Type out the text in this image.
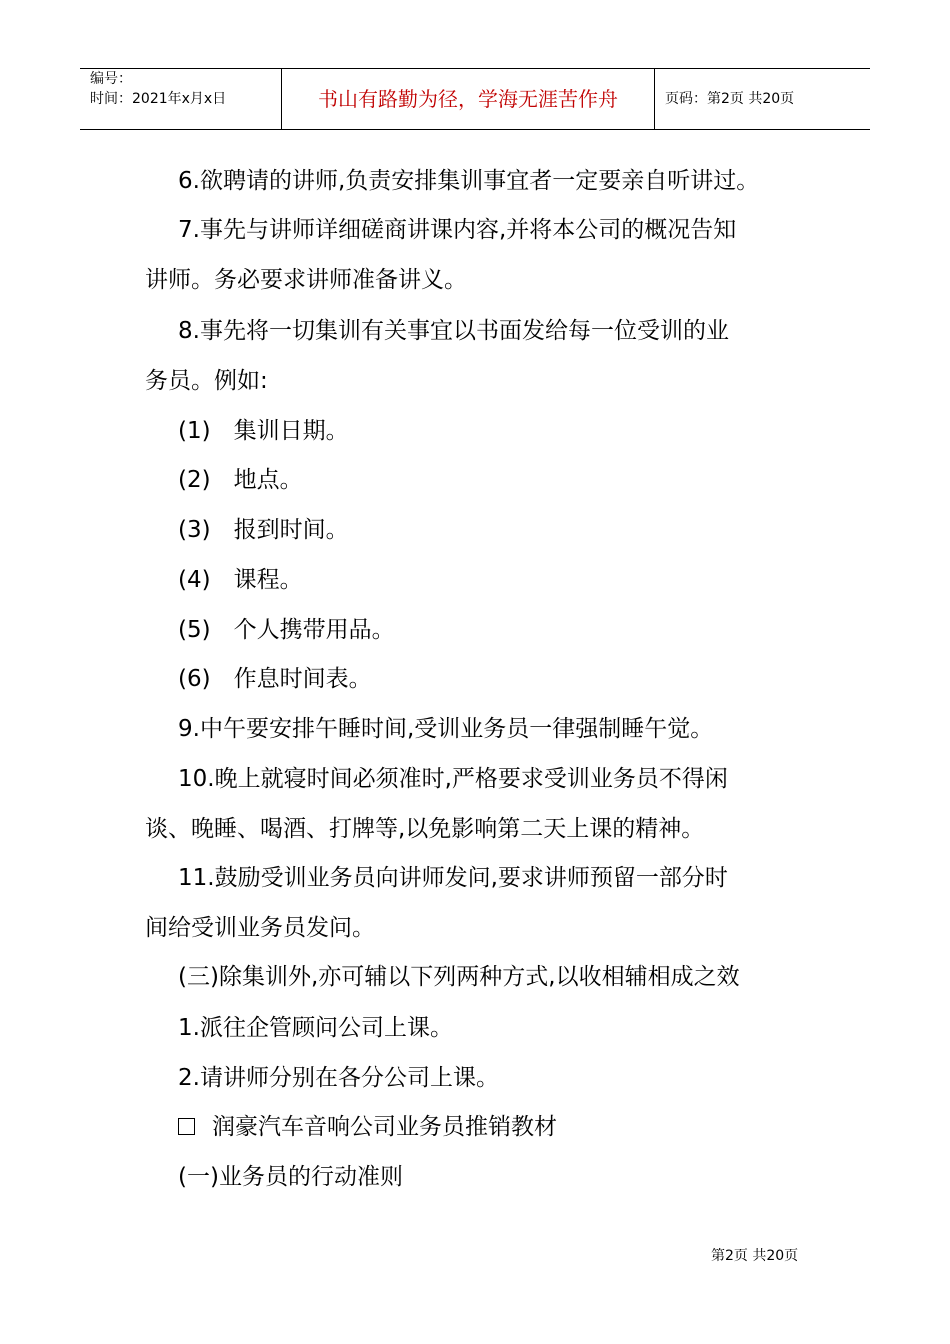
编号：
时间：2021年x月x日	书山有路勤为径，学海无涯苦作舟	页码：第2页 共20页
6.欲聘请的讲师,负责安排集训事宜者一定要亲自听讲过。
7.事先与讲师详细磋商讲课内容,并将本公司的概况告知
讲师。务必要求讲师准备讲义。
8.事先将一切集训有关事宜以书面发给每一位受训的业
务员。例如:
(1)　集训日期。
(2)　地点。
(3)　报到时间。
(4)　课程。
(5)　个人携带用品。
(6)　作息时间表。
9.中午要安排午睡时间,受训业务员一律强制睡午觉。
10.晚上就寝时间必须准时,严格要求受训业务员不得闲
谈、晚睡、喝酒、打牌等,以免影响第二天上课的精神。
11.鼓励受训业务员向讲师发问,要求讲师预留一部分时
间给受训业务员发问。
(三)除集训外,亦可辅以下列两种方式,以收相辅相成之效
1.派往企管顾问公司上课。
2.请讲师分别在各分公司上课。
润豪汽车音响公司业务员推销教材
(一)业务员的行动准则
第2页 共20页
